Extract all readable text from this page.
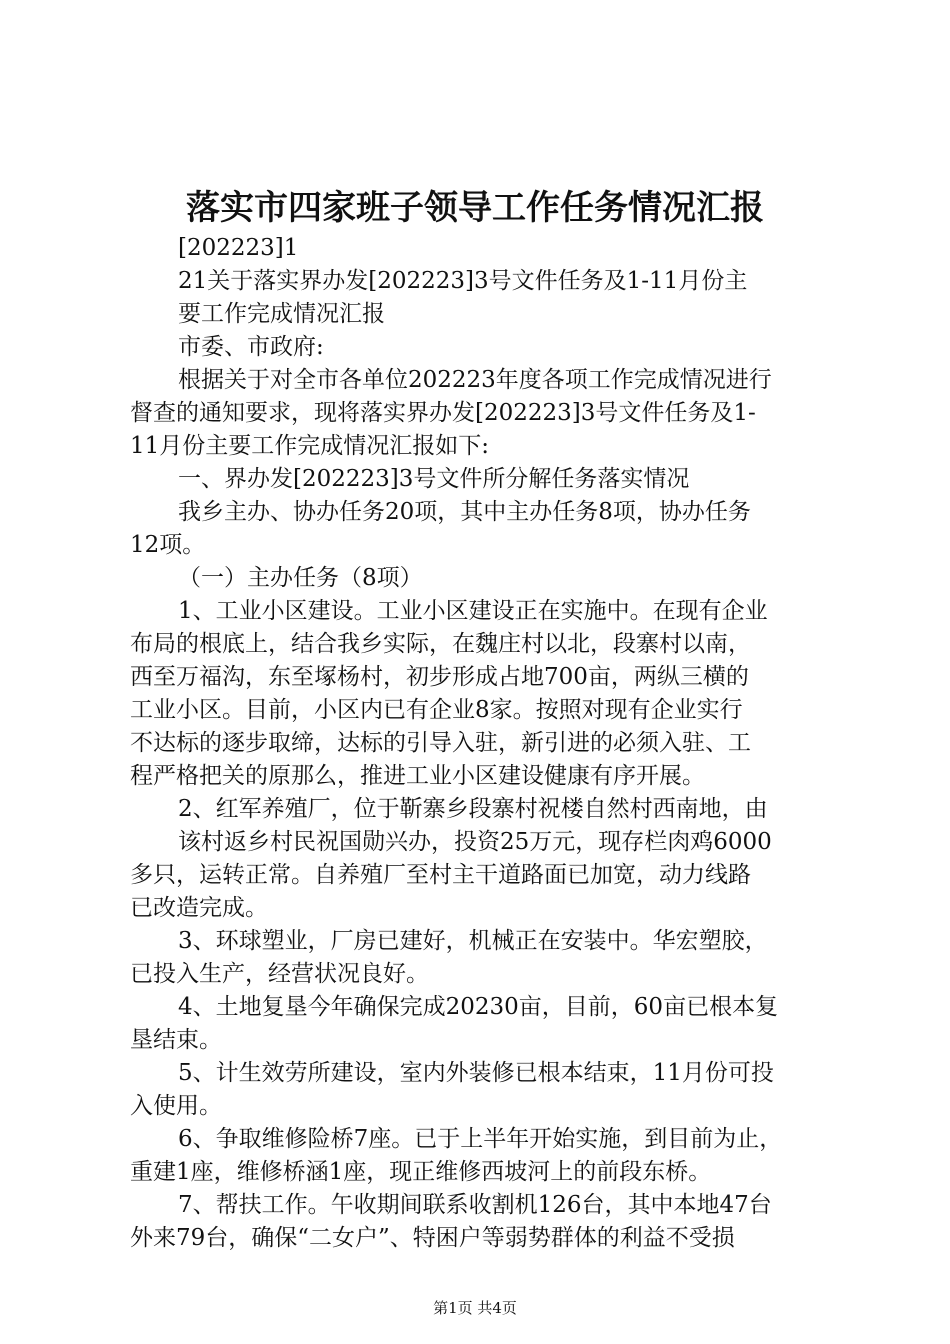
落实市四家班子领导工作任务情况汇报
[202223]1
21关于落实界办发[202223]3号文件任务及1-11月份主
要工作完成情况汇报
市委、市政府:
根据关于对全市各单位202223年度各项工作完成情况进行
督查的通知要求，现将落实界办发[202223]3号文件任务及1-
11月份主要工作完成情况汇报如下:
一、界办发[202223]3号文件所分解任务落实情况
我乡主办、协办任务20项，其中主办任务8项，协办任务
12项。
（一）主办任务（8项）
1、工业小区建设。工业小区建设正在实施中。在现有企业
布局的根底上，结合我乡实际，在魏庄村以北，段寨村以南，
西至万福沟，东至塚杨村，初步形成占地700亩，两纵三横的
工业小区。目前，小区内已有企业8家。按照对现有企业实行
不达标的逐步取缔，达标的引导入驻，新引进的必须入驻、工
程严格把关的原那么，推进工业小区建设健康有序开展。
2、红军养殖厂，位于靳寨乡段寨村祝楼自然村西南地，由
该村返乡村民祝国勋兴办，投资25万元，现存栏肉鸡6000
多只，运转正常。自养殖厂至村主干道路面已加宽，动力线路
已改造完成。
3、环球塑业，厂房已建好，机械正在安装中。华宏塑胶，
已投入生产，经营状况良好。
4、土地复垦今年确保完成20230亩，目前，60亩已根本复
垦结束。
5、计生效劳所建设，室内外装修已根本结束，11月份可投
入使用。
6、争取维修险桥7座。已于上半年开始实施，到目前为止，
重建1座，维修桥涵1座，现正维修西坡河上的前段东桥。
7、帮扶工作。午收期间联系收割机126台，其中本地47台
外来79台，确保“二女户”、特困户等弱势群体的利益不受损
第1页 共4页
